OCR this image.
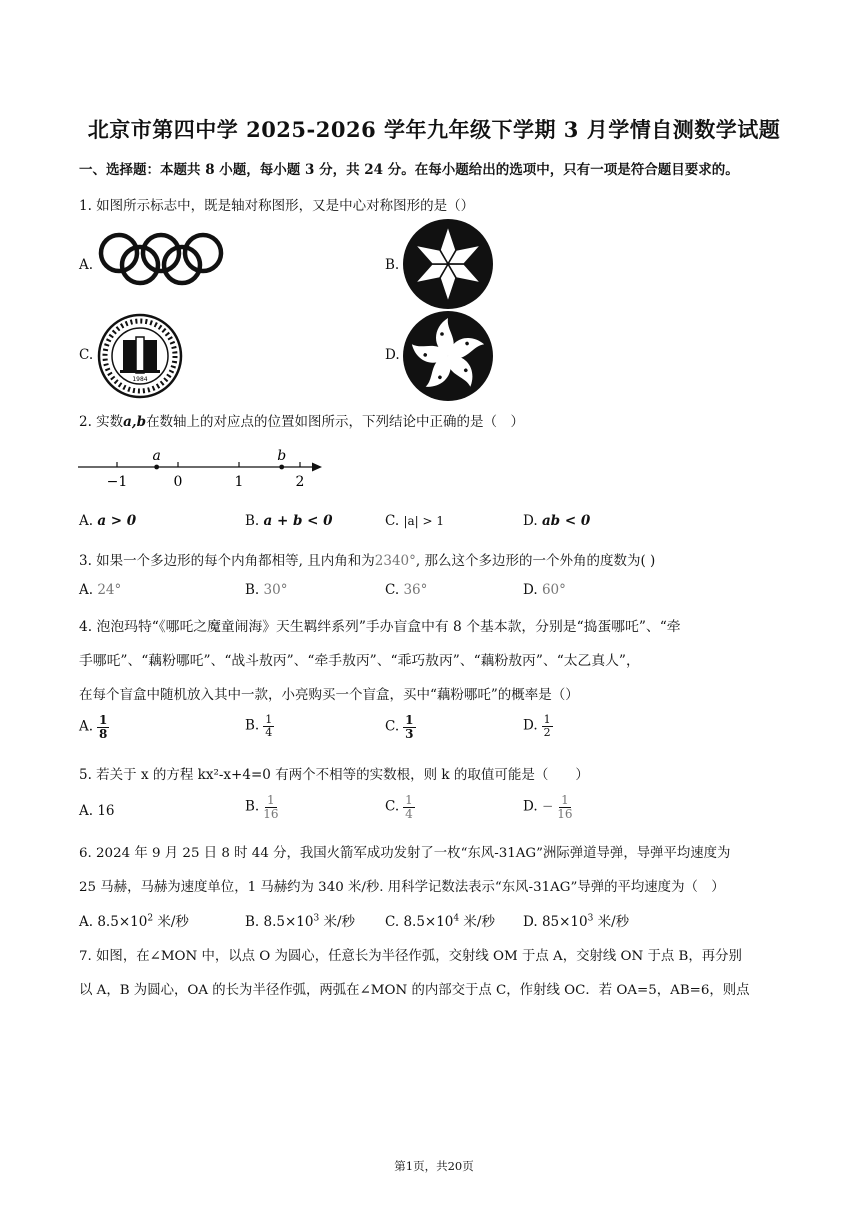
北京市第四中学 2025-2026 学年九年级下学期 3 月学情自测数学试题
一、选择题：本题共 8 小题，每小题 3 分，共 24 分。在每小题给出的选项中，只有一项是符合题目要求的。
1. 如图所示标志中，既是轴对称图形，又是中心对称图形的是（）
A.	B.
C.
1984
D.
2. 实数a,b在数轴上的对应点的位置如图所示，下列结论中正确的是（　）
−1	0	1	2
a	b
A. a > 0	B. a + b < 0	C. |a| > 1	D. ab < 0
3. 如果一个多边形的每个内角都相等, 且内角和为2340°, 那么这个多边形的一个外角的度数为( )
A. 24°	B. 30°	C. 36°	D. 60°
4. 泡泡玛特“《哪吒之魔童闹海》天生羁绊系列”手办盲盒中有 8 个基本款，分别是“捣蛋哪吒”、“牵
手哪吒”、“藕粉哪吒”、“战斗敖丙”、“牵手敖丙”、“乖巧敖丙”、“藕粉敖丙”、“太乙真人”，
在每个盲盒中随机放入其中一款，小亮购买一个盲盒，买中“藕粉哪吒”的概率是（）
A. $\frac{1}{8}$	B. $\frac{1}{4}$	C. $\frac{1}{3}$	D. $\frac{1}{2}$
5. 若关于 x 的方程 kx²-x+4=0 有两个不相等的实数根，则 k 的取值可能是（　　）
A. 16	B. $\frac{1}{16}$	C. $\frac{1}{4}$	D. − $\frac{1}{16}$
6. 2024 年 9 月 25 日 8 时 44 分，我国火箭军成功发射了一枚“东风-31AG”洲际弹道导弹，导弹平均速度为
25 马赫，马赫为速度单位，1 马赫约为 340 米/秒. 用科学记数法表示“东风-31AG”导弹的平均速度为（　）
A. $8.5\times 10^2$ 米/秒	B. $8.5\times 10^3$ 米/秒 C. $8.5\times 10^4$ 米/秒 D. $85\times 10^3$ 米/秒
7. 如图，在∠MON 中，以点 O 为圆心，任意长为半径作弧，交射线 OM 于点 A，交射线 ON 于点 B，再分别
以 A，B 为圆心，OA 的长为半径作弧，两弧在∠MON 的内部交于点 C，作射线 OC．若 OA=5，AB=6，则点
第1页，共20页
